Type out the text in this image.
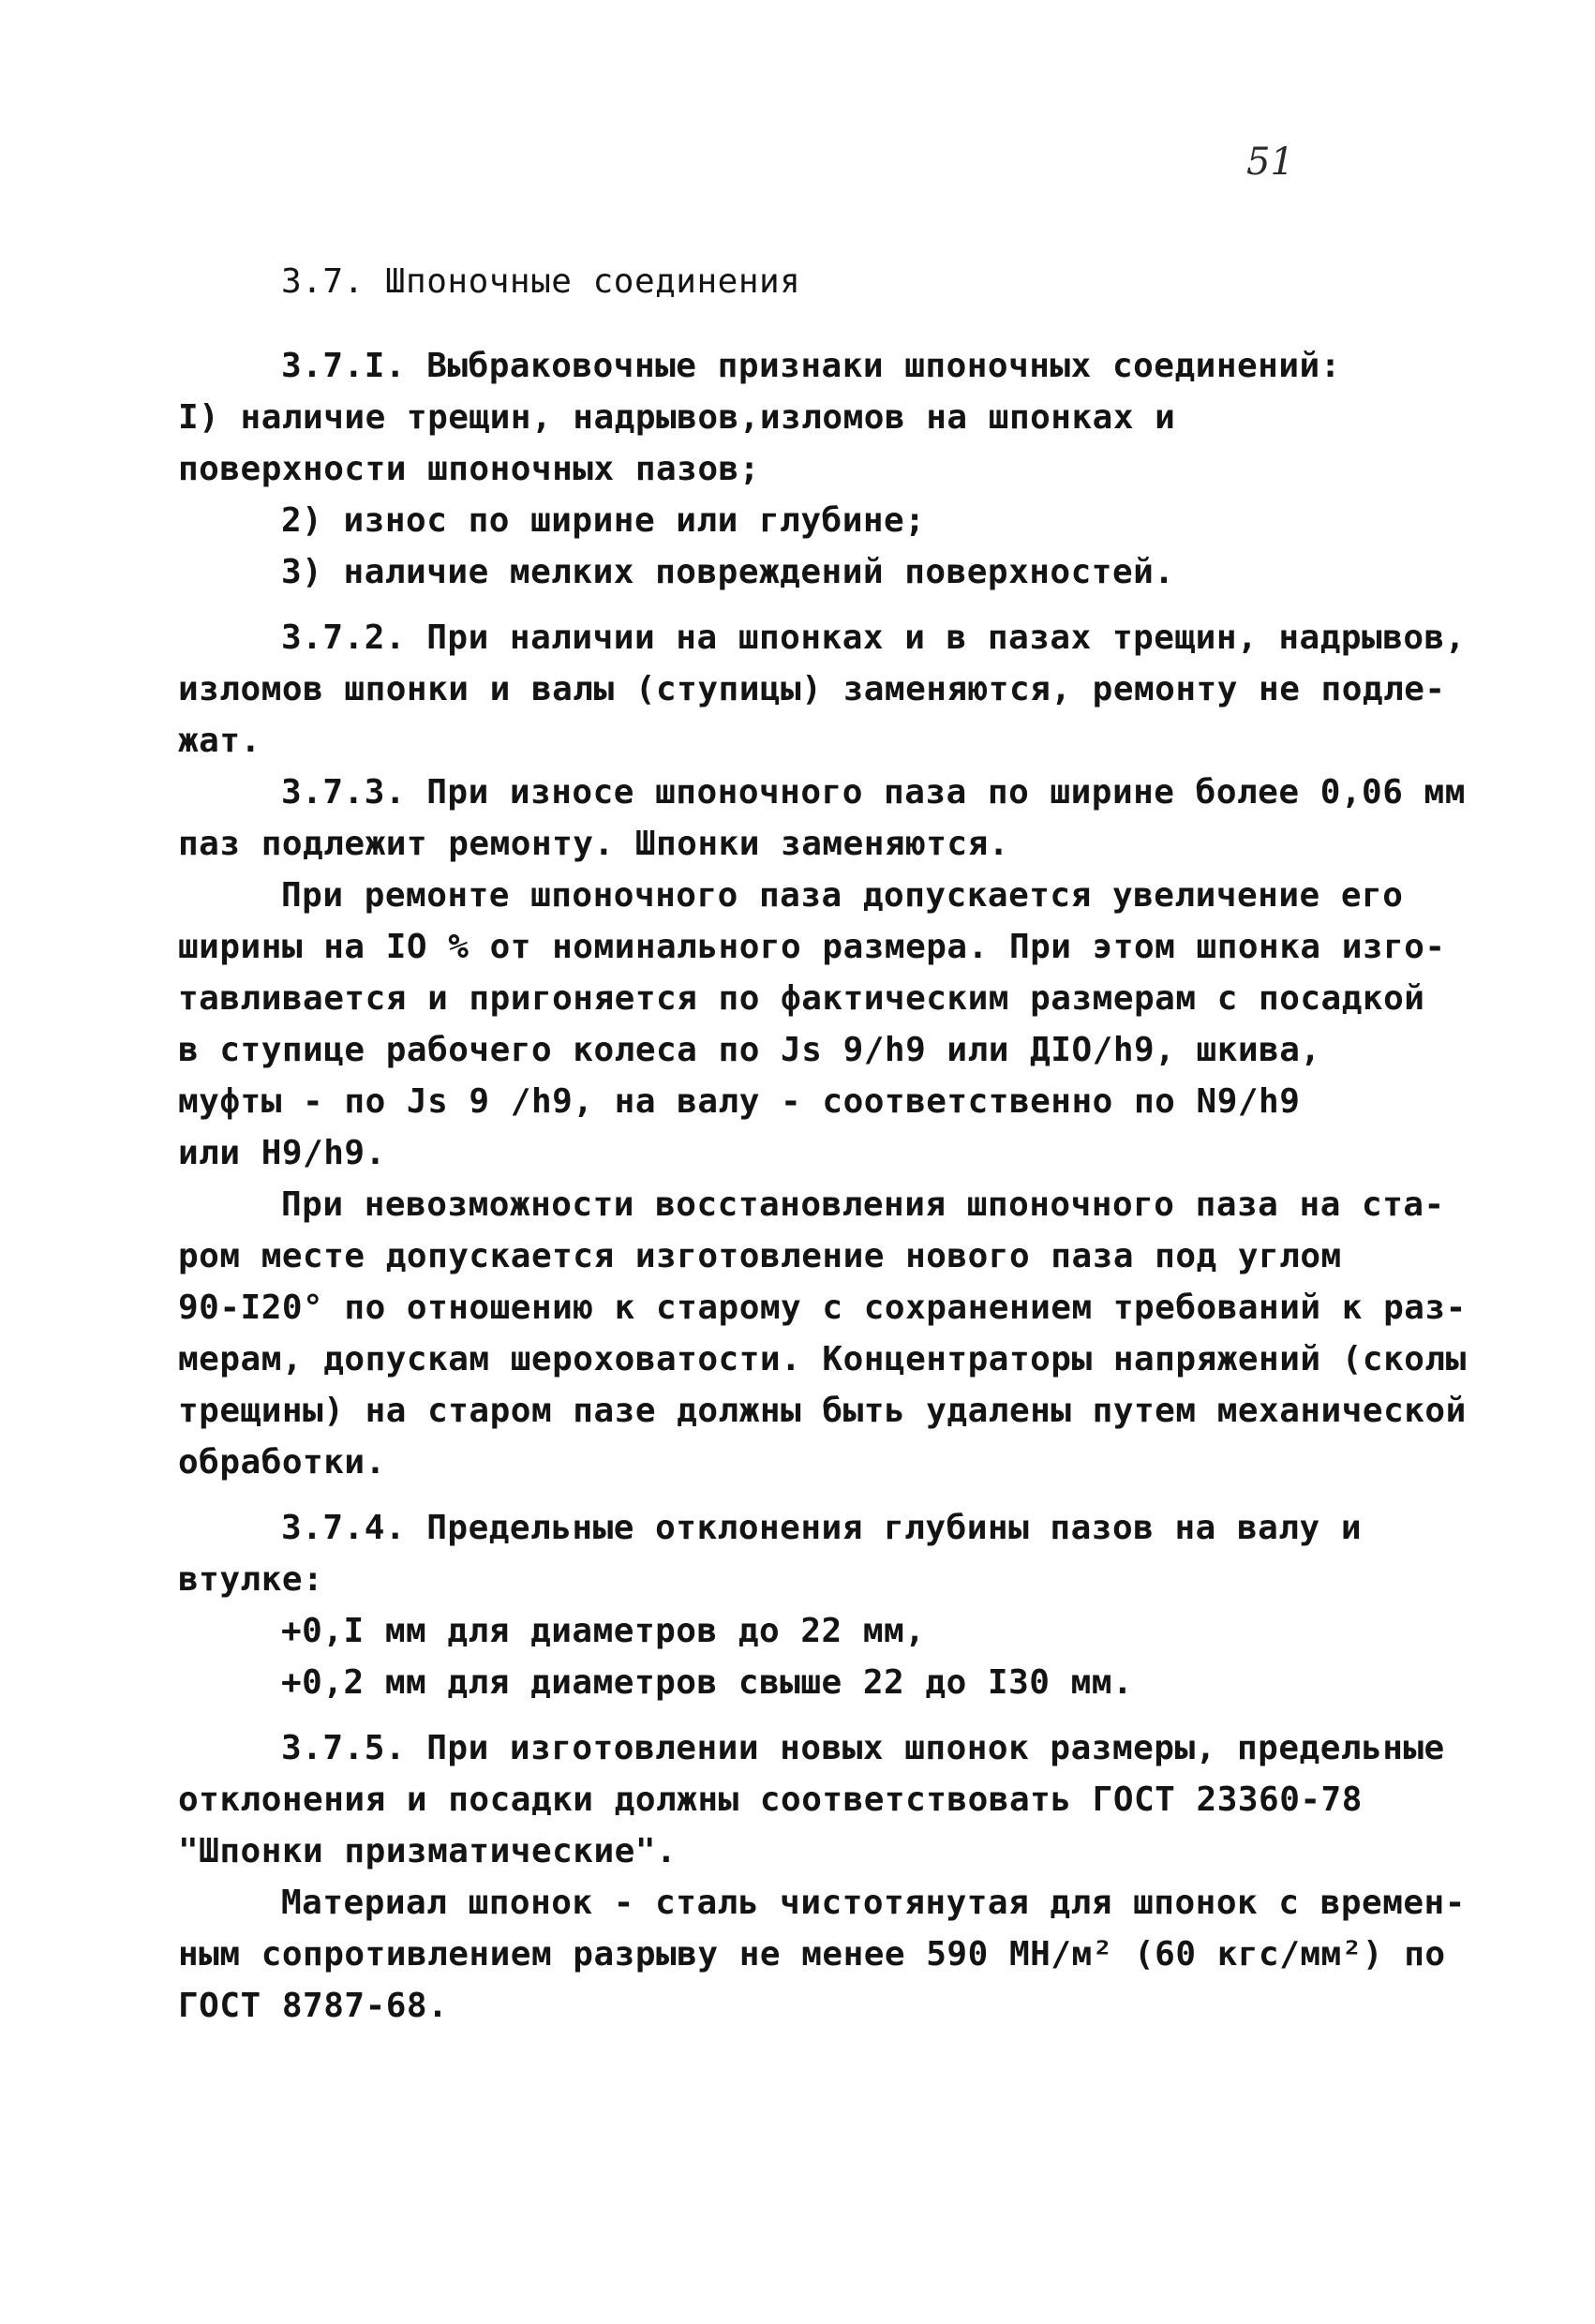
51
3.7. Шпоночные соединения
3.7.I. Выбраковочные признаки шпоночных соединений:
I) наличие трещин, надрывов,изломов на шпонках и
поверхности шпоночных пазов;
2) износ по ширине или глубине;
3) наличие мелких повреждений поверхностей.
3.7.2. При наличии на шпонках и в пазах трещин, надрывов,
изломов шпонки и валы (ступицы) заменяются, ремонту не подле-
жат.
3.7.3. При износе шпоночного паза по ширине более 0,06 мм
паз подлежит ремонту. Шпонки заменяются.
При ремонте шпоночного паза допускается увеличение его
ширины на IO % от номинального размера. При этом шпонка изго-
тавливается и пригоняется по фактическим размерам с посадкой
в ступице рабочего колеса по Js 9/h9 или ДIO/h9, шкива,
муфты - по Js 9 /h9, на валу - соответственно по N9/h9
или H9/h9.
При невозможности восстановления шпоночного паза на ста-
ром месте допускается изготовление нового паза под углом
90-I20° по отношению к старому с сохранением требований к раз-
мерам, допускам шероховатости. Концентраторы напряжений (сколы
трещины) на старом пазе должны быть удалены путем механической
обработки.
3.7.4. Предельные отклонения глубины пазов на валу и
втулке:
+0,I мм для диаметров до 22 мм,
+0,2 мм для диаметров свыше 22 до I30 мм.
3.7.5. При изготовлении новых шпонок размеры, предельные
отклонения и посадки должны соответствовать ГОСТ 23360-78
"Шпонки призматические".
Материал шпонок - сталь чистотянутая для шпонок с времен-
ным сопротивлением разрыву не менее 590 МН/м² (60 кгс/мм²) по
ГОСТ 8787-68.
